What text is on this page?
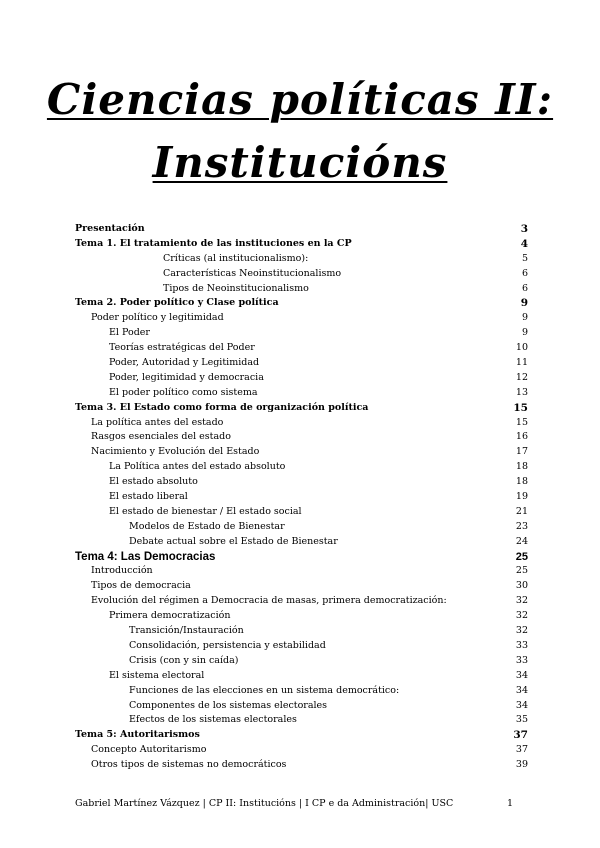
Ciencias políticas II:
Institucións
Presentación	3
Tema 1. El tratamiento de las instituciones en la CP	4
Críticas (al institucionalismo):	5
Características Neoinstitucionalismo	6
Tipos de Neoinstitucionalismo	6
Tema 2. Poder político y Clase política	9
Poder político y legitimidad	9
El Poder	9
Teorías estratégicas del Poder	10
Poder, Autoridad y Legitimidad	11
Poder, legitimidad y democracia	12
El poder político como sistema	13
Tema 3. El Estado como forma de organización política	15
La política antes del estado	15
Rasgos esenciales del estado	16
Nacimiento y Evolución del Estado	17
La Política antes del estado absoluto	18
El estado absoluto	18
El estado liberal	19
El estado de bienestar / El estado social	21
Modelos de Estado de Bienestar	23
Debate actual sobre el Estado de Bienestar	24
Tema 4: Las Democracias	25
Introducción	25
Tipos de democracia	30
Evolución del régimen a Democracia de masas, primera democratización:	32
Primera democratización	32
Transición/Instauración	32
Consolidación, persistencia y estabilidad	33
Crisis (con y sin caída)	33
El sistema electoral	34
Funciones de las elecciones en un sistema democrático:	34
Componentes de los sistemas electorales	34
Efectos de los sistemas electorales	35
Tema 5: Autoritarismos	37
Concepto Autoritarismo	37
Otros tipos de sistemas no democráticos	39
Gabriel Martínez Vázquez | CP II: Institucións | I CP e da Administración| USC	1
